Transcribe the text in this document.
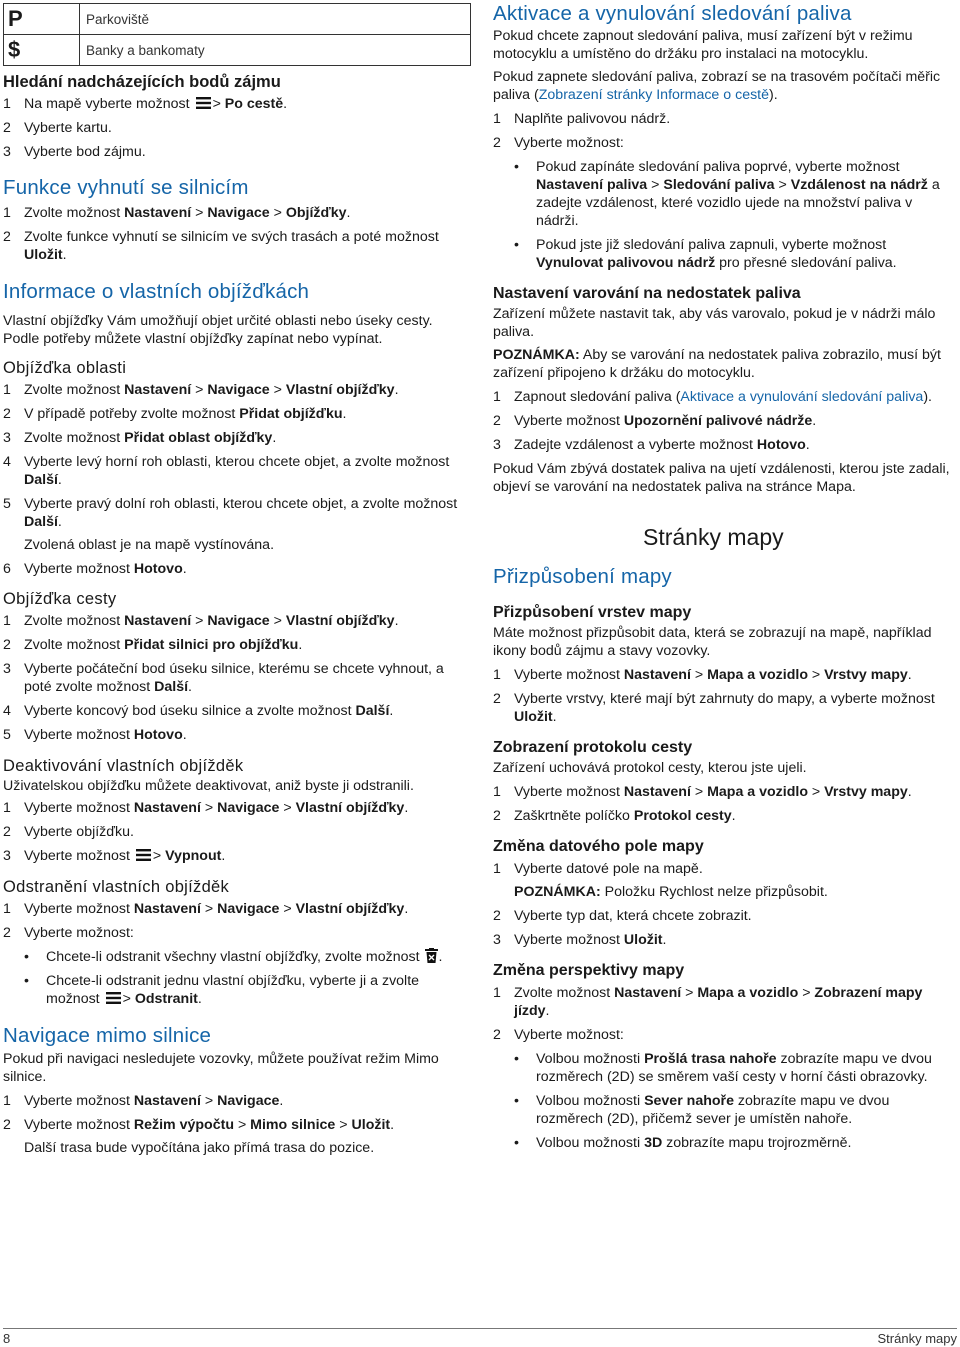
P	Parkoviště
$	Banky a bankomaty
Hledání nadcházejících bodů zájmu
1 Na mapě vyberte možnost > Po cestě.
2 Vyberte kartu.
3 Vyberte bod zájmu.
Funkce vyhnutí se silnicím
1 Zvolte možnost Nastavení > Navigace > Objížďky.
2 Zvolte funkce vyhnutí se silnicím ve svých trasách a poté možnost Uložit.
Informace o vlastních objížďkách

Vlastní objížďky Vám umožňují objet určité oblasti nebo úseky cesty. Podle potřeby můžete vlastní objížďky zapínat nebo vypínat.

Objížďka oblasti
1 Zvolte možnost Nastavení > Navigace > Vlastní objížďky.
2 V případě potřeby zvolte možnost Přidat objížďku.
3 Zvolte možnost Přidat oblast objížďky.
4 Vyberte levý horní roh oblasti, kterou chcete objet, a zvolte možnost Další.
5 Vyberte pravý dolní roh oblasti, kterou chcete objet, a zvolte možnost Další.
Zvolená oblast je na mapě vystínována.
6 Vyberte možnost Hotovo.
Objížďka cesty
1 Zvolte možnost Nastavení > Navigace > Vlastní objížďky.
2 Zvolte možnost Přidat silnici pro objížďku.
3 Vyberte počáteční bod úseku silnice, kterému se chcete vyhnout, a poté zvolte možnost Další.
4 Vyberte koncový bod úseku silnice a zvolte možnost Další.
5 Vyberte možnost Hotovo.
Deaktivování vlastních objížděk

Uživatelskou objížďku můžete deaktivovat, aniž byste ji odstranili.

1 Vyberte možnost Nastavení > Navigace > Vlastní objížďky.
2 Vyberte objížďku.
3 Vyberte možnost > Vypnout.
Odstranění vlastních objížděk
1 Vyberte možnost Nastavení > Navigace > Vlastní objížďky.
2 Vyberte možnost:
• Chcete-li odstranit všechny vlastní objížďky, zvolte možnost .
• Chcete-li odstranit jednu vlastní objížďku, vyberte ji a zvolte možnost > Odstranit.
Navigace mimo silnice

Pokud při navigaci nesledujete vozovky, můžete používat režim Mimo silnice.

1 Vyberte možnost Nastavení > Navigace.
2 Vyberte možnost Režim výpočtu > Mimo silnice > Uložit.
Další trasa bude vypočítána jako přímá trasa do pozice.
Aktivace a vynulování sledování paliva

Pokud chcete zapnout sledování paliva, musí zařízení být v režimu motocyklu a umístěno do držáku pro instalaci na motocyklu.

Pokud zapnete sledování paliva, zobrazí se na trasovém počítači měřic paliva (Zobrazení stránky Informace o cestě).

1 Naplňte palivovou nádrž.
2 Vyberte možnost:
• Pokud zapínáte sledování paliva poprvé, vyberte možnost Nastavení paliva > Sledování paliva > Vzdálenost na nádrž a zadejte vzdálenost, které vozidlo ujede na množství paliva v nádrži.
• Pokud jste již sledování paliva zapnuli, vyberte možnost Vynulovat palivovou nádrž pro přesné sledování paliva.
Nastavení varování na nedostatek paliva

Zařízení můžete nastavit tak, aby vás varovalo, pokud je v nádrži málo paliva.

POZNÁMKA: Aby se varování na nedostatek paliva zobrazilo, musí být zařízení připojeno k držáku do motocyklu.

1 Zapnout sledování paliva (Aktivace a vynulování sledování paliva).
2 Vyberte možnost Upozornění palivové nádrže.
3 Zadejte vzdálenost a vyberte možnost Hotovo.

Pokud Vám zbývá dostatek paliva na ujetí vzdálenosti, kterou jste zadali, objeví se varování na nedostatek paliva na stránce Mapa.

Stránky mapy
Přizpůsobení mapy
Přizpůsobení vrstev mapy

Máte možnost přizpůsobit data, která se zobrazují na mapě, například ikony bodů zájmu a stavy vozovky.

1 Vyberte možnost Nastavení > Mapa a vozidlo > Vrstvy mapy.
2 Vyberte vrstvy, které mají být zahrnuty do mapy, a vyberte možnost Uložit.
Zobrazení protokolu cesty

Zařízení uchovává protokol cesty, kterou jste ujeli.

1 Vyberte možnost Nastavení > Mapa a vozidlo > Vrstvy mapy.
2 Zaškrtněte políčko Protokol cesty.
Změna datového pole mapy
1 Vyberte datové pole na mapě.
POZNÁMKA: Položku Rychlost nelze přizpůsobit.
2 Vyberte typ dat, která chcete zobrazit.
3 Vyberte možnost Uložit.
Změna perspektivy mapy
1 Zvolte možnost Nastavení > Mapa a vozidlo > Zobrazení mapy jízdy.
2 Vyberte možnost:
• Volbou možnosti Prošlá trasa nahoře zobrazíte mapu ve dvou rozměrech (2D) se směrem vaší cesty v horní části obrazovky.
• Volbou možnosti Sever nahoře zobrazíte mapu ve dvou rozměrech (2D), přičemž sever je umístěn nahoře.
• Volbou možnosti 3D zobrazíte mapu trojrozměrně.
8	Stránky mapy
